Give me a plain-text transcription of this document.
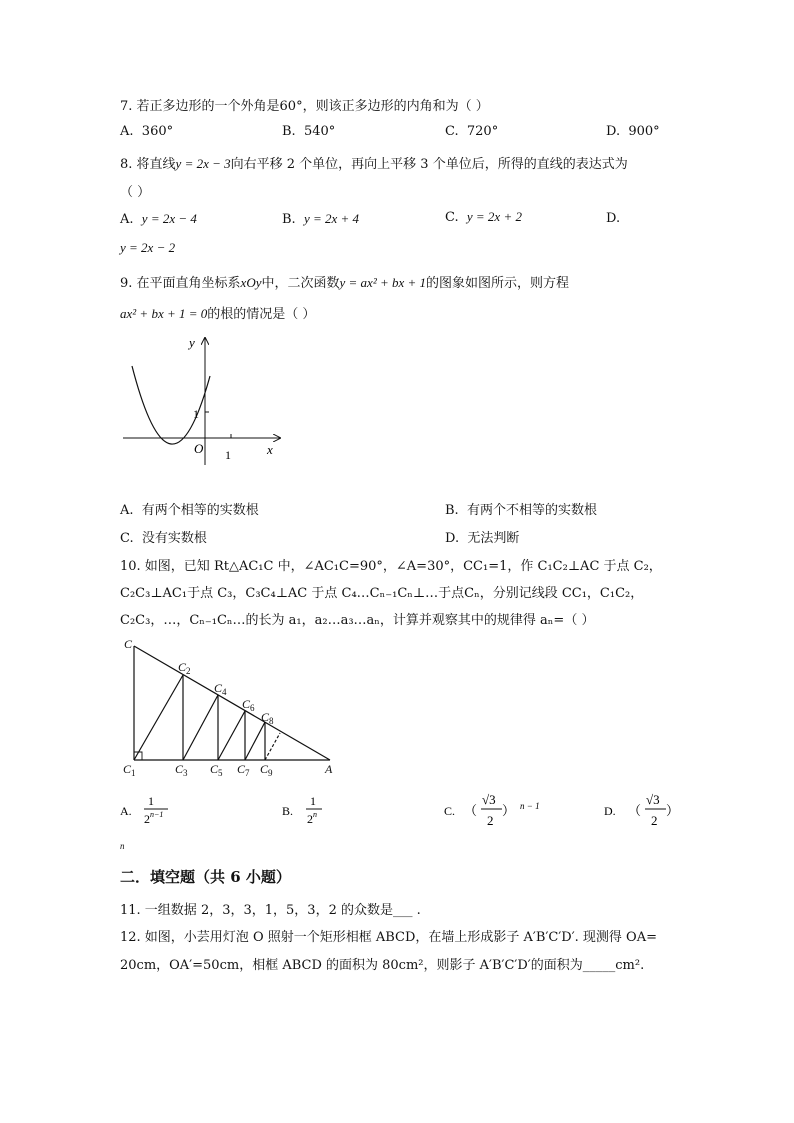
7. 若正多边形的一个外角是60°，则该正多边形的内角和为（ ）
A. 360°	B. 540°	C. 720°	D. 900°
8. 将直线y = 2x − 3向右平移 2 个单位，再向上平移 3 个单位后，所得的直线的表达式为
（ ）
A. y = 2x − 4	B. y = 2x + 4	C. y = 2x + 2	D.
y = 2x − 2
9. 在平面直角坐标系xOy中，二次函数y = ax² + bx + 1的图象如图所示，则方程
ax² + bx + 1 = 0的根的情况是（ ）
y
x
1
O 1
A. 有两个相等的实数根	B. 有两个不相等的实数根
C. 没有实数根	D. 无法判断
10. 如图，已知 Rt△AC₁C 中，∠AC₁C=90°，∠A=30°，CC₁=1，作 C₁C₂⊥AC 于点 C₂，
C₂C₃⊥AC₁于点 C₃，C₃C₄⊥AC 于点 C₄…Cₙ₋₁Cₙ⊥…于点Cₙ，分别记线段 CC₁，C₁C₂，
C₂C₃，…，Cₙ₋₁Cₙ…的长为 a₁，a₂…a₃…aₙ，计算并观察其中的规律得 aₙ=（ ）
C
$C_1$
$C_2$
$C_3$
$C_4$
$C_5$
$C_6$
$C_7$
$C_8$
$C_9$	A
A.
1
$2^{n-1}$	B.
1
2$^n$	C. （
√3
2
） n − 1	D. （
√3
2
）
n
二．填空题（共 6 小题）
11. 一组数据 2，3，3，1，5，3，2 的众数是___ .
12. 如图，小芸用灯泡 O 照射一个矩形相框 ABCD，在墙上形成影子 A′B′C′D′. 现测得 OA=
20cm，OA′=50cm，相框 ABCD 的面积为 80cm²，则影子 A′B′C′D′的面积为_____cm².
